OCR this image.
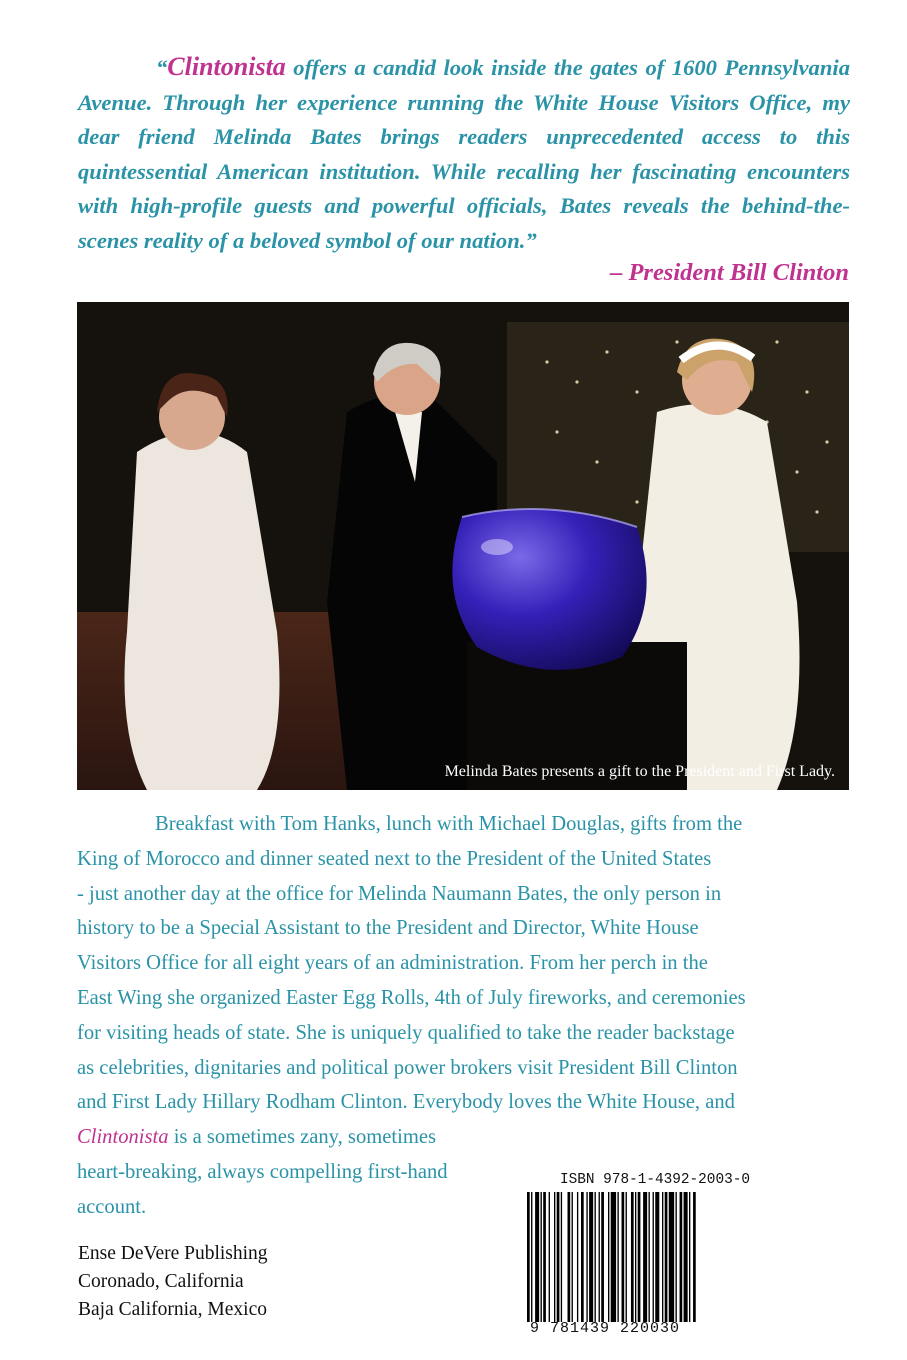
“Clintonista offers a candid look inside the gates of 1600 Pennsylvania Avenue. Through her experience running the White House Visitors Office, my dear friend Melinda Bates brings readers unprecedented access to this quintessential American institution. While recalling her fascinating encounters with high-profile guests and powerful officials, Bates reveals the behind-the-scenes reality of a beloved symbol of our nation.”
– President Bill Clinton
Melinda Bates presents a gift to the President and First Lady.
Breakfast with Tom Hanks, lunch with Michael Douglas, gifts from the
King of Morocco and dinner seated next to the President of the United States
- just another day at the office for Melinda Naumann Bates, the only person in
history to be a Special Assistant to the President and Director, White House
Visitors Office for all eight years of an administration. From her perch in the
East Wing she organized Easter Egg Rolls, 4th of July fireworks, and ceremonies
for visiting heads of state. She is uniquely qualified to take the reader backstage
as celebrities, dignitaries and political power brokers visit President Bill Clinton
and First Lady Hillary Rodham Clinton. Everybody loves the White House, and
Clintonista is a sometimes zany, sometimes
heart-breaking, always compelling first-hand
account.
Ense DeVere Publishing
Coronado, California
Baja California, Mexico
ISBN 978-1-4392-2003-0
9 781439 220030
